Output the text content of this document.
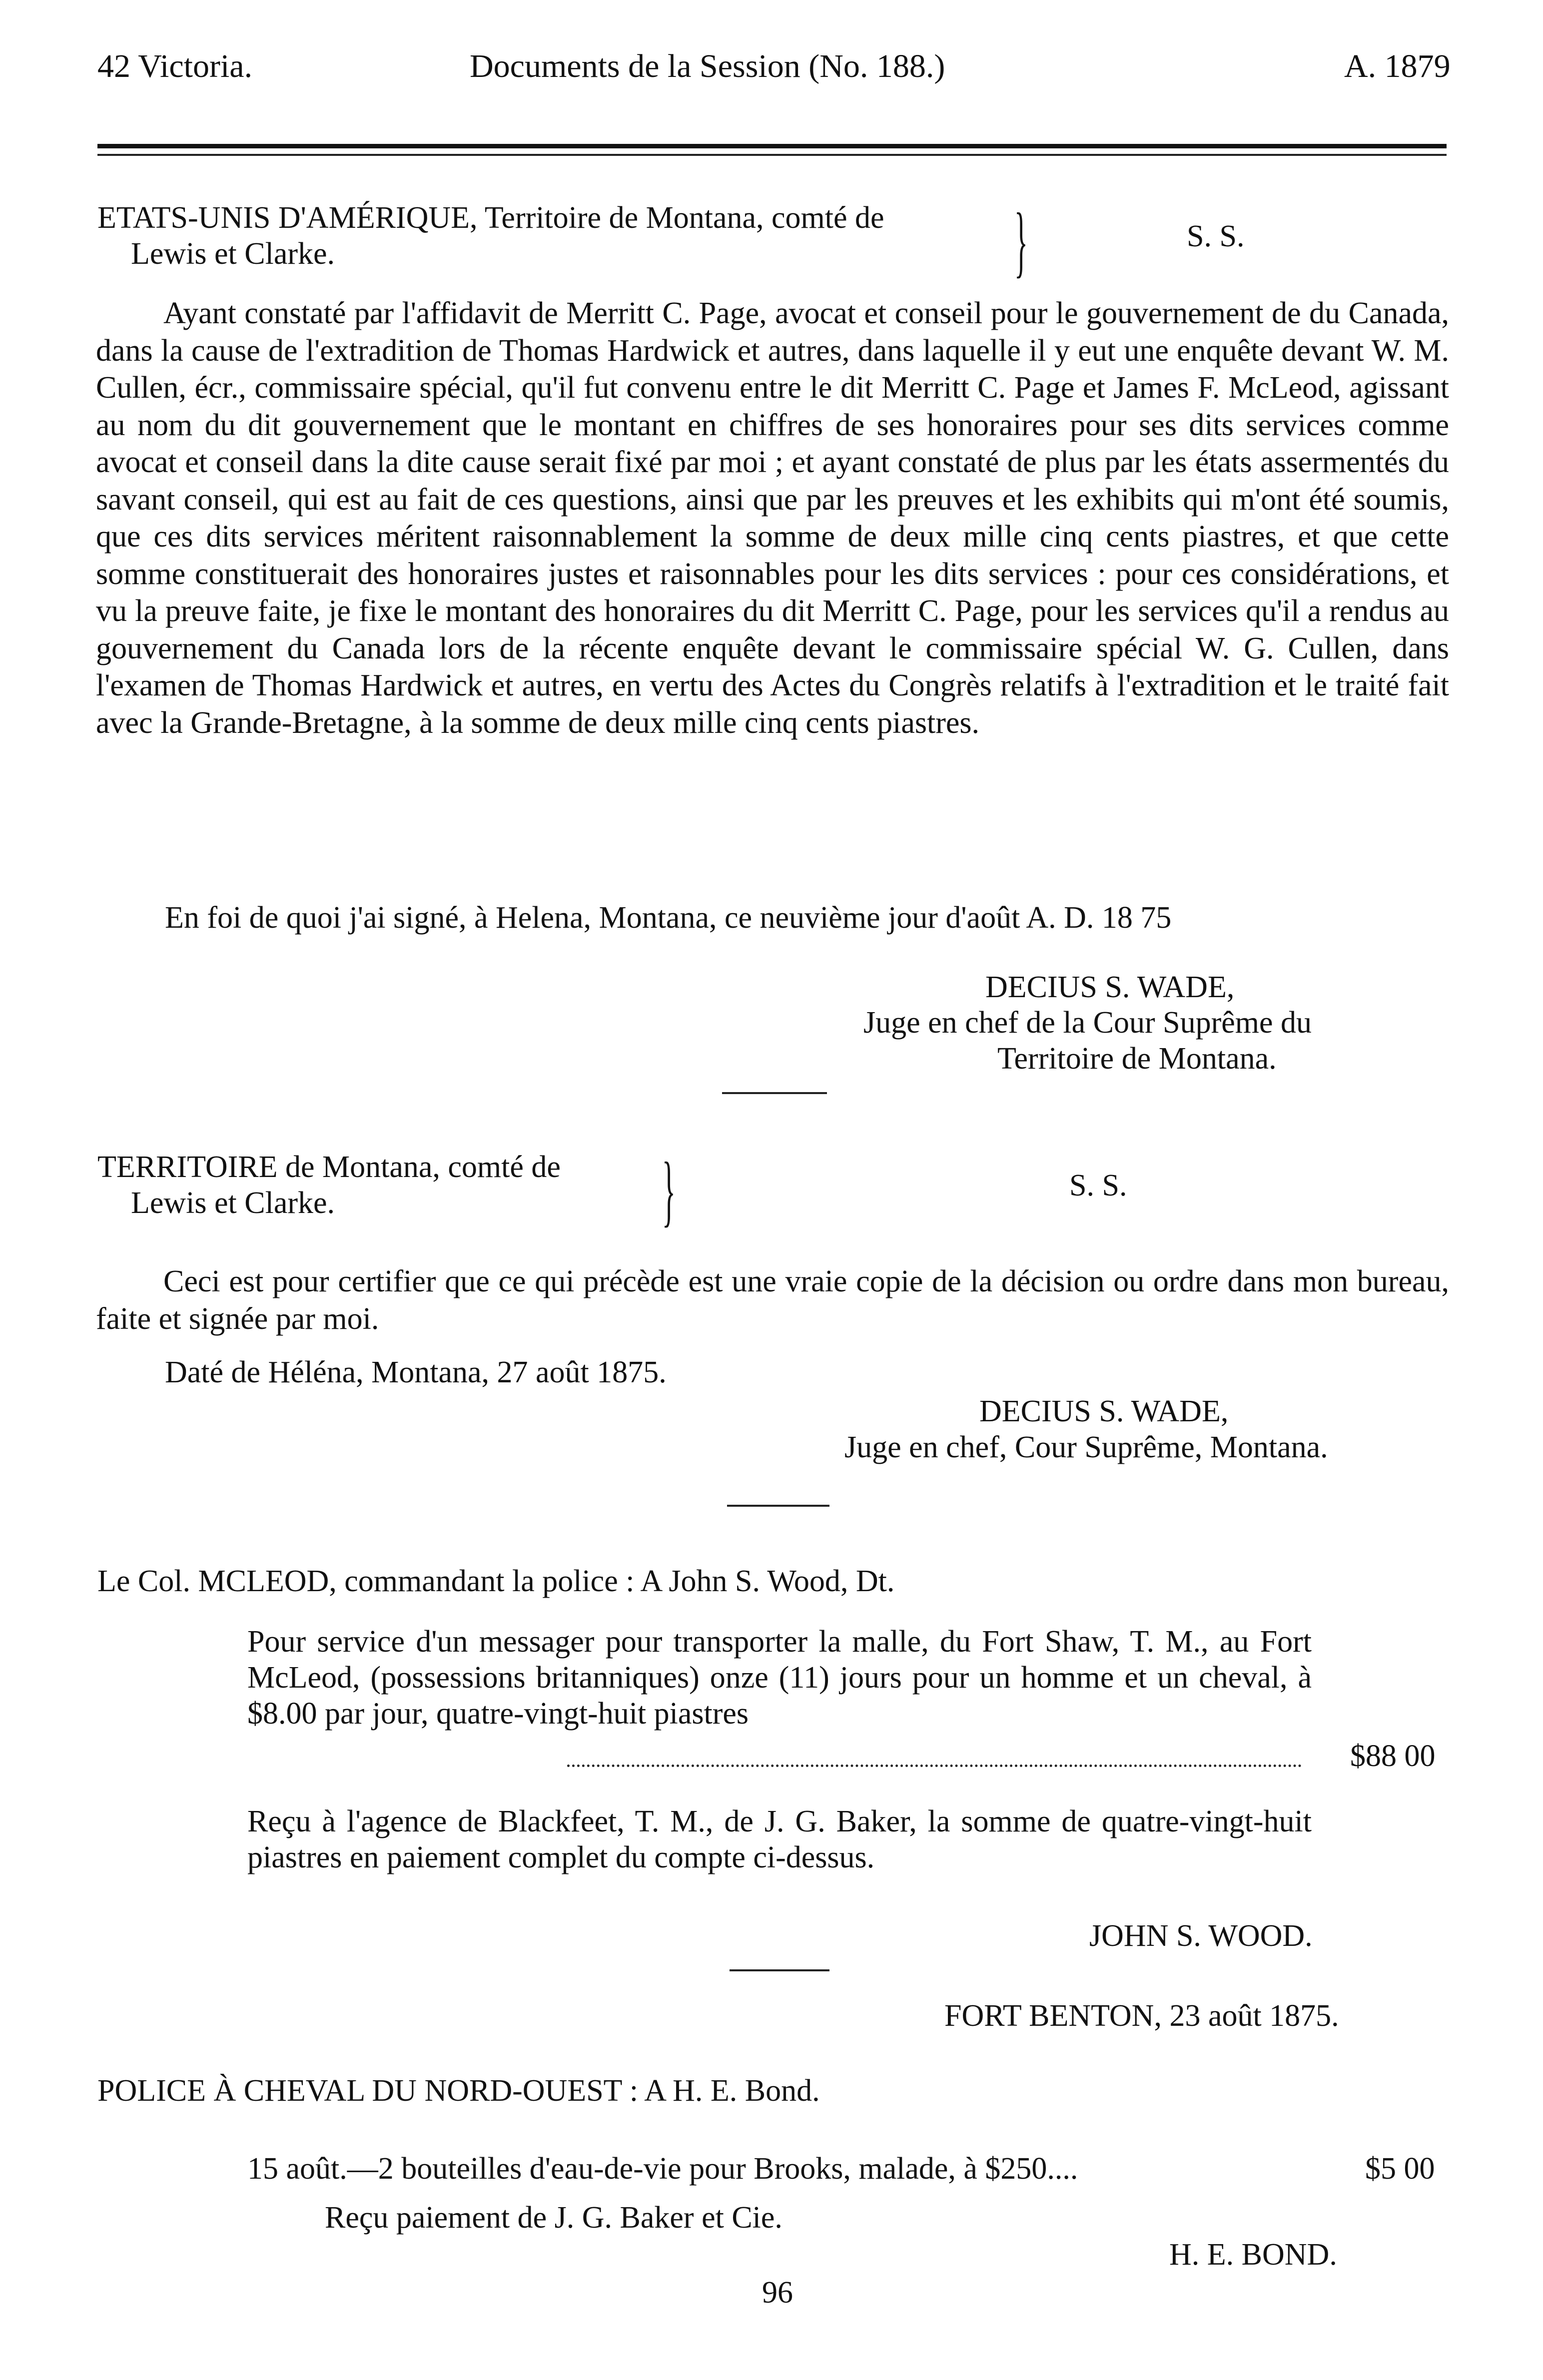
42 Victoria.	Documents de la Session (No. 188.)	A. 1879
ETATS-UNIS D'AMÉRIQUE, Territoire de Montana, comté de
Lewis et Clarke.	}	S. S.

Ayant constaté par l'affidavit de Merritt C. Page, avocat et conseil pour le gouvernement de du Canada, dans la cause de l'extradition de Thomas Hardwick et autres, dans laquelle il y eut une enquête devant W. M. Cullen, écr., commissaire spécial, qu'il fut convenu entre le dit Merritt C. Page et James F. McLeod, agissant au nom du dit gouvernement que le montant en chiffres de ses honoraires pour ses dits services comme avocat et conseil dans la dite cause serait fixé par moi ; et ayant constaté de plus par les états assermentés du savant conseil, qui est au fait de ces questions, ainsi que par les preuves et les exhibits qui m'ont été soumis, que ces dits services méritent raisonnablement la somme de deux mille cinq cents piastres, et que cette somme constituerait des honoraires justes et raisonnables pour les dits services : pour ces considérations, et vu la preuve faite, je fixe le montant des honoraires du dit Merritt C. Page, pour les services qu'il a rendus au gouvernement du Canada lors de la récente enquête devant le commissaire spécial W. G. Cullen, dans l'examen de Thomas Hardwick et autres, en vertu des Actes du Congrès relatifs à l'extradition et le traité fait avec la Grande-Bretagne, à la somme de deux mille cinq cents piastres.

En foi de quoi j'ai signé, à Helena, Montana, ce neuvième jour d'août A. D. 18 75
DECIUS S. WADE,
Juge en chef de la Cour Suprême du
Territoire de Montana.
TERRITOIRE de Montana, comté de
Lewis et Clarke.	}	S. S.

Ceci est pour certifier que ce qui précède est une vraie copie de la décision ou ordre dans mon bureau, faite et signée par moi.

Daté de Héléna, Montana, 27 août 1875.
DECIUS S. WADE,
Juge en chef, Cour Suprême, Montana.
Le Col. MCLEOD, commandant la police : A John S. Wood, Dt.

Pour service d'un messager pour transporter la malle, du Fort Shaw, T. M., au Fort McLeod, (possessions britanniques) onze (11) jours pour un homme et un cheval, à $8.00 par jour, quatre-vingt-huit piastres

$88 00

Reçu à l'agence de Blackfeet, T. M., de J. G. Baker, la somme de quatre-vingt-huit piastres en paiement complet du compte ci-dessus.

JOHN S. WOOD.
FORT BENTON, 23 août 1875.
POLICE À CHEVAL DU NORD-OUEST : A H. E. Bond.
15 août.—2 bouteilles d'eau-de-vie pour Brooks, malade, à $250....	$5 00
Reçu paiement de J. G. Baker et Cie.
H. E. BOND.
96
